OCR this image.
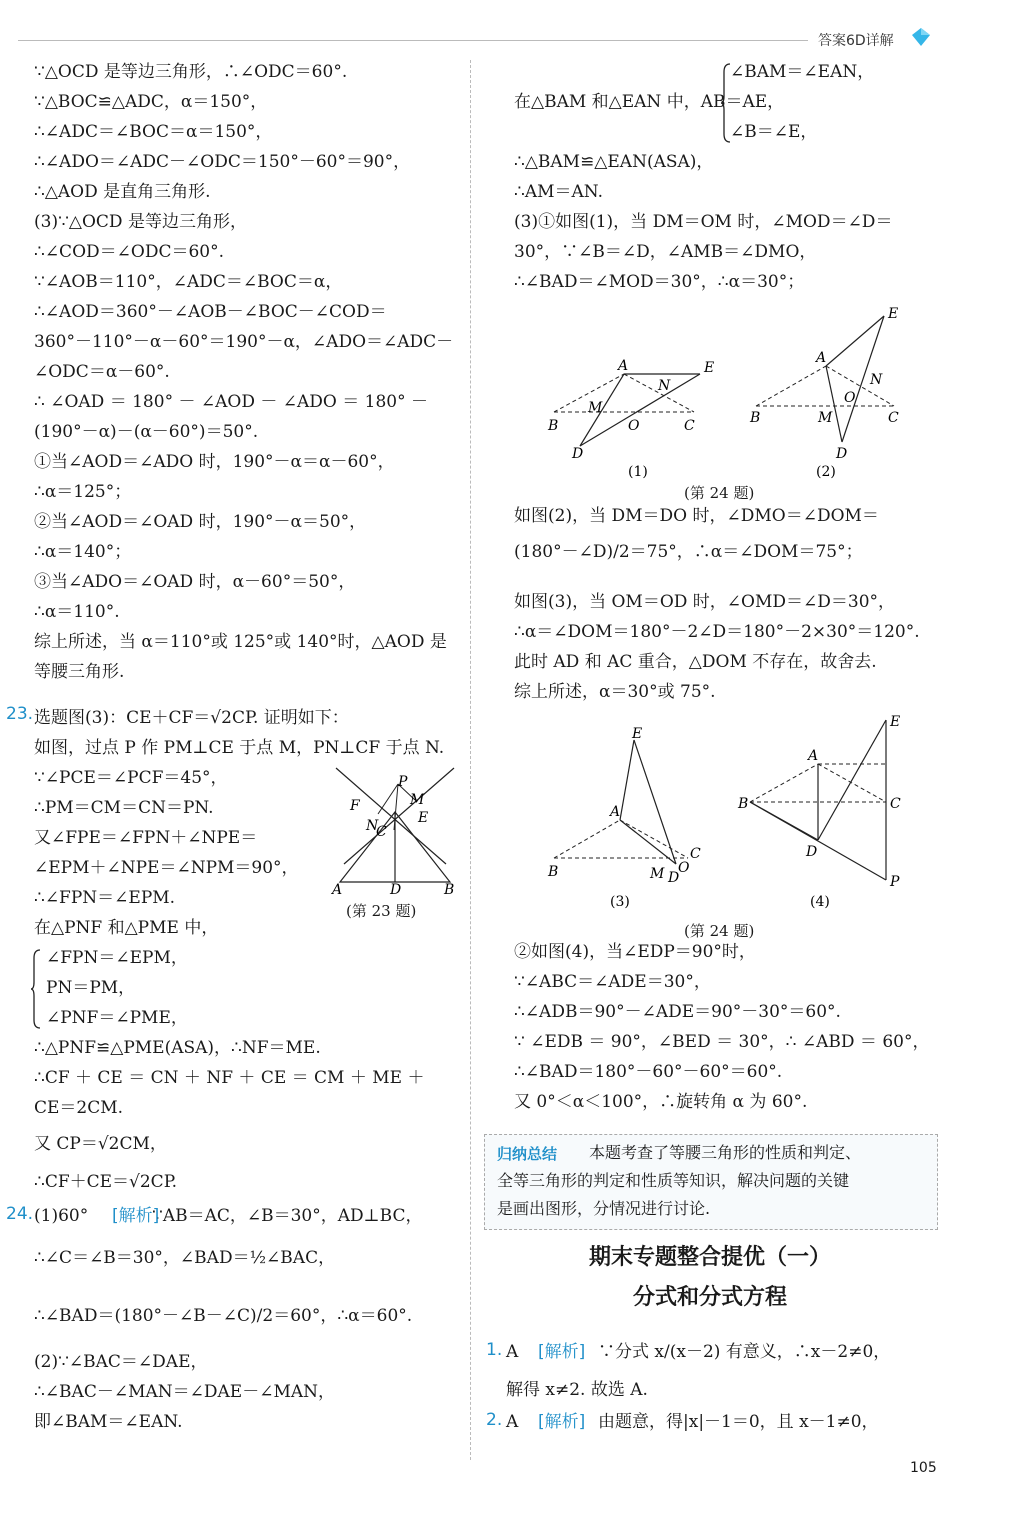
答案6D详解
∵△OCD 是等边三角形，∴∠ODC＝60°.
∵△BOC≌△ADC，α＝150°，
∴∠ADC＝∠BOC＝α＝150°，
∴∠ADO＝∠ADC－∠ODC＝150°－60°＝90°，
∴△AOD 是直角三角形.
(3)∵△OCD 是等边三角形，
∴∠COD＝∠ODC＝60°.
∵∠AOB＝110°，∠ADC＝∠BOC＝α，
∴∠AOD＝360°－∠AOB－∠BOC－∠COD＝
360°－110°－α－60°＝190°－α，∠ADO＝∠ADC－
∠ODC＝α－60°.
∴ ∠OAD ＝ 180° － ∠AOD － ∠ADO ＝ 180° －
(190°－α)－(α－60°)＝50°.
①当∠AOD＝∠ADO 时，190°－α＝α－60°，
∴α＝125°；
②当∠AOD＝∠OAD 时，190°－α＝50°，
∴α＝140°；
③当∠ADO＝∠OAD 时，α－60°＝50°，
∴α＝110°.
综上所述，当 α＝110°或 125°或 140°时，△AOD 是
等腰三角形.
选题图(3)：CE＋CF＝√2CP. 证明如下：
如图，过点 P 作 PM⊥CE 于点 M，PN⊥CF 于点 N.
∵∠PCE＝∠PCF＝45°，
∴PM＝CM＝CN＝PN.
又∠FPE＝∠FPN＋∠NPE＝
∠EPM＋∠NPE＝∠NPM＝90°，
∴∠FPN＝∠EPM.
在△PNF 和△PME 中，
∠FPN＝∠EPM，
PN＝PM，
∠PNF＝∠PME，
∴△PNF≌△PME(ASA)，∴NF＝ME.
∴CF ＋ CE ＝ CN ＋ NF ＋ CE ＝ CM ＋ ME ＋
CE＝2CM.
又 CP＝√2CM，
∴CF＋CE＝√2CP.
(1)60°	∵AB＝AC，∠B＝30°，AD⊥BC，
∴∠C＝∠B＝30°，∠BAD＝½∠BAC，
∴∠BAD＝(180°－∠B－∠C)/2＝60°，∴α＝60°.
(2)∵∠BAC＝∠DAE，
∴∠BAC－∠MAN＝∠DAE－∠MAN，
即∠BAM＝∠EAN.
23.
24.	[解析]
P
M
E
F
N
C
A	D	B
(第 23 题)
∠BAM＝∠EAN，
在△BAM 和△EAN 中，AB＝AE，
∠B＝∠E，
∴△BAM≌△EAN(ASA)，
∴AM＝AN.
(3)①如图(1)，当 DM＝OM 时，∠MOD＝∠D＝
30°，∵∠B＝∠D，∠AMB＝∠DMO，
∴∠BAD＝∠MOD＝30°，∴α＝30°；
如图(2)，当 DM＝DO 时，∠DMO＝∠DOM＝
(180°－∠D)/2＝75°，∴α＝∠DOM＝75°；
如图(3)，当 OM＝OD 时，∠OMD＝∠D＝30°，
∴α＝∠DOM＝180°－2∠D＝180°－2×30°＝120°.
此时 AD 和 AC 重合，△DOM 不存在，故舍去.
综上所述，α＝30°或 75°.
②如图(4)，当∠EDP＝90°时，
∵∠ABC＝∠ADE＝30°，
∴∠ADB＝90°－∠ADE＝90°－30°＝60°.
∵ ∠EDB ＝ 90°，∠BED ＝ 30°，∴ ∠ABD ＝ 60°，
∴∠BAD＝180°－60°－60°＝60°.
又 0°＜α＜100°，∴旋转角 α 为 60°.
A	E
B	C
D
M
O
N
A
E
B	C
D
M
O
N
(1)	(2)
(第 24 题)
E
A
B
C
M D
O
E
A
B	C
D
P
(3)	(4)
(第 24 题)
归纳总结 本题考查了等腰三角形的性质和判定、
全等三角形的判定和性质等知识，解决问题的关键
是画出图形，分情况进行讨论.
期末专题整合提优（一）
分式和分式方程
1. A [解析] ∵分式 x/(x－2) 有意义，∴x－2≠0，
解得 x≠2. 故选 A.
2. A [解析] 由题意，得|x|－1＝0，且 x－1≠0，
105
